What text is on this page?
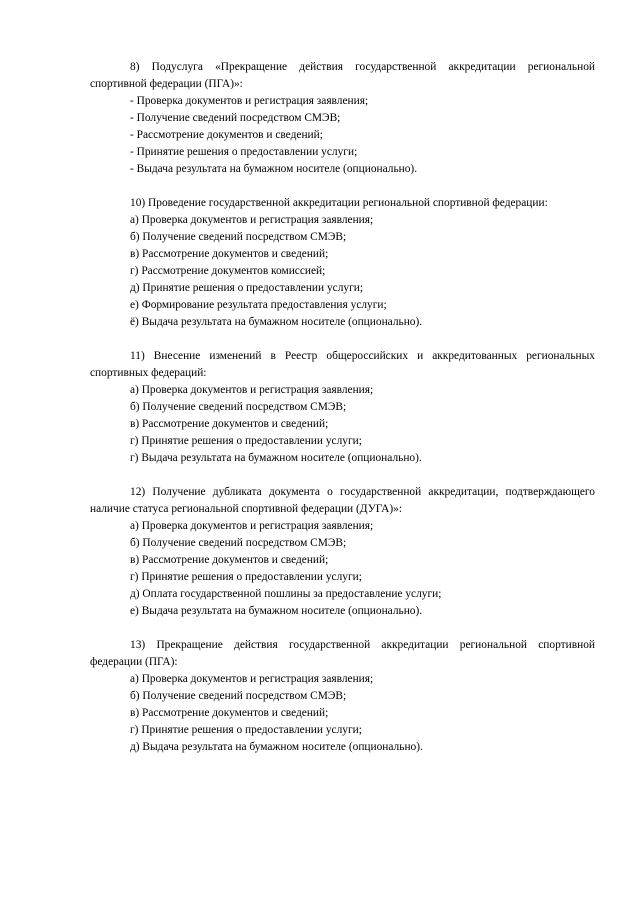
8) Подуслуга «Прекращение действия государственной аккредитации региональной спортивной федерации (ПГА)»:

- Проверка документов и регистрация заявления;
- Получение сведений посредством СМЭВ;
- Рассмотрение документов и сведений;
- Принятие решения о предоставлении услуги;
- Выдача результата на бумажном носителе (опционально).

10) Проведение государственной аккредитации региональной спортивной федерации:

а) Проверка документов и регистрация заявления;
б) Получение сведений посредством СМЭВ;
в) Рассмотрение документов и сведений;
г) Рассмотрение документов комиссией;
д) Принятие решения о предоставлении услуги;
е) Формирование результата предоставления услуги;
ё) Выдача результата на бумажном носителе (опционально).

11) Внесение изменений в Реестр общероссийских и аккредитованных региональных спортивных федераций:

а) Проверка документов и регистрация заявления;
б) Получение сведений посредством СМЭВ;
в) Рассмотрение документов и сведений;
г) Принятие решения о предоставлении услуги;
г) Выдача результата на бумажном носителе (опционально).

12) Получение дубликата документа о государственной аккредитации, подтверждающего наличие статуса региональной спортивной федерации (ДУГА)»:

а) Проверка документов и регистрация заявления;
б) Получение сведений посредством СМЭВ;
в) Рассмотрение документов и сведений;
г) Принятие решения о предоставлении услуги;
д) Оплата государственной пошлины за предоставление услуги;
е) Выдача результата на бумажном носителе (опционально).

13) Прекращение действия государственной аккредитации региональной спортивной федерации (ПГА):

а) Проверка документов и регистрация заявления;
б) Получение сведений посредством СМЭВ;
в) Рассмотрение документов и сведений;
г) Принятие решения о предоставлении услуги;
д) Выдача результата на бумажном носителе (опционально).
